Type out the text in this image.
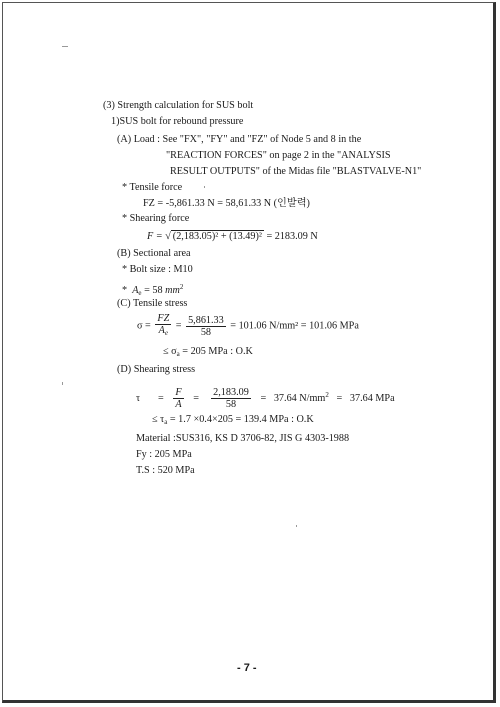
(3) Strength calculation for SUS bolt
1)SUS bolt for rebound pressure
(A) Load : See "FX", "FY" and "FZ" of Node 5 and 8 in the
"REACTION FORCES" on page 2 in the "ANALYSIS
RESULT OUTPUTS" of the Midas file "BLASTVALVE-N1"
* Tensile force
FZ = -5,861.33 N = 58,61.33 N (인발력)
* Shearing force
F = √ (2,183.05)² + (13.49)² = 2183.09 N
(B) Sectional area
* Bolt size : M10
* $A_e = 58$ $mm^2$
(C) Tensile stress
$\sigma = \frac{FZ}{A_e} = \frac{5,861.33}{58} = 101.06$ N/mm² = 101.06 MPa
≤ $\sigma_a = 205$ MPa : O.K
(D) Shearing stress
$\tau = \frac{F}{A} = \frac{2,183.09}{58} = 37.64$ $N/mm^2 = 37.64$ MPa
≤ $\tau_a = 1.7 \times 0.4\times 205 = 139.4$ MPa : O.K
Material :SUS316, KS D 3706-82, JIS G 4303-1988
Fy : 205 MPa
T.S : 520 MPa
- 7 -
